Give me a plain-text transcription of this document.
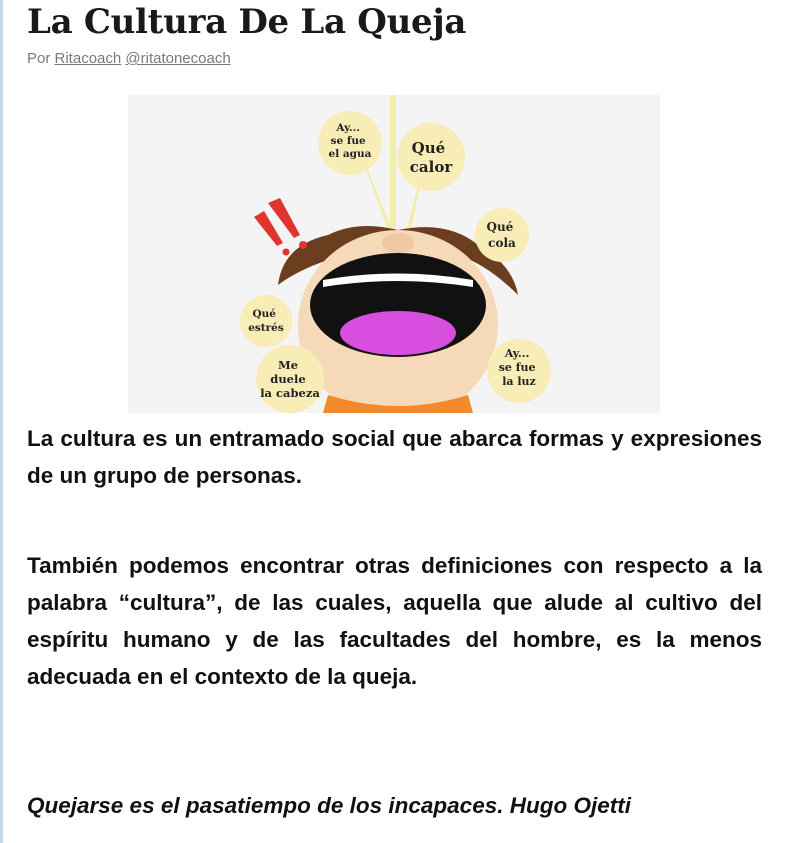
La Cultura De La Queja
Por Ritacoach @ritatonecoach
Ay... se fue el agua	Qué calor
Qué cola
Qué estrés
Me duele la cabeza
Ay... se fue la luz

La cultura es un entramado social que abarca formas y expresiones de un grupo de personas.

También podemos encontrar otras definiciones con respecto a la palabra “cultura”, de las cuales, aquella que alude al cultivo del espíritu humano y de las facultades del hombre, es la menos adecuada en el contexto de la queja.

Quejarse es el pasatiempo de los incapaces. Hugo Ojetti
